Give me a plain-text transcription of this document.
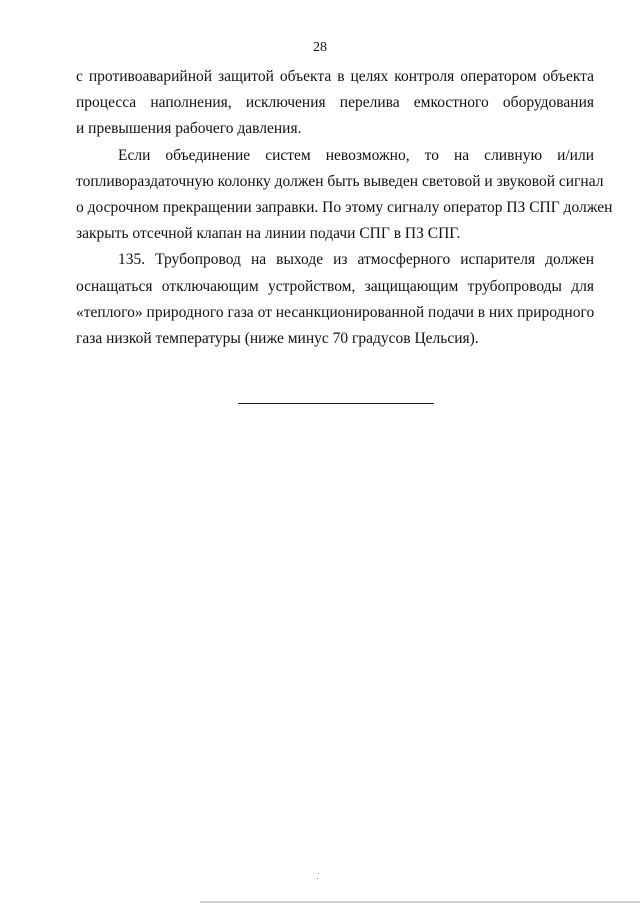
28
с противоаварийной защитой объекта в целях контроля оператором объекта
процесса наполнения, исключения перелива емкостного оборудования
и превышения рабочего давления.
Если объединение систем невозможно, то на сливную и/или
топливораздаточную колонку должен быть выведен световой и звуковой сигнал
о досрочном прекращении заправки. По этому сигналу оператор ПЗ СПГ должен
закрыть отсечной клапан на линии подачи СПГ в ПЗ СПГ.
135. Трубопровод на выходе из атмосферного испарителя должен
оснащаться отключающим устройством, защищающим трубопроводы для
«теплого» природного газа от несанкционированной подачи в них природного
газа низкой температуры (ниже минус 70 градусов Цельсия).
